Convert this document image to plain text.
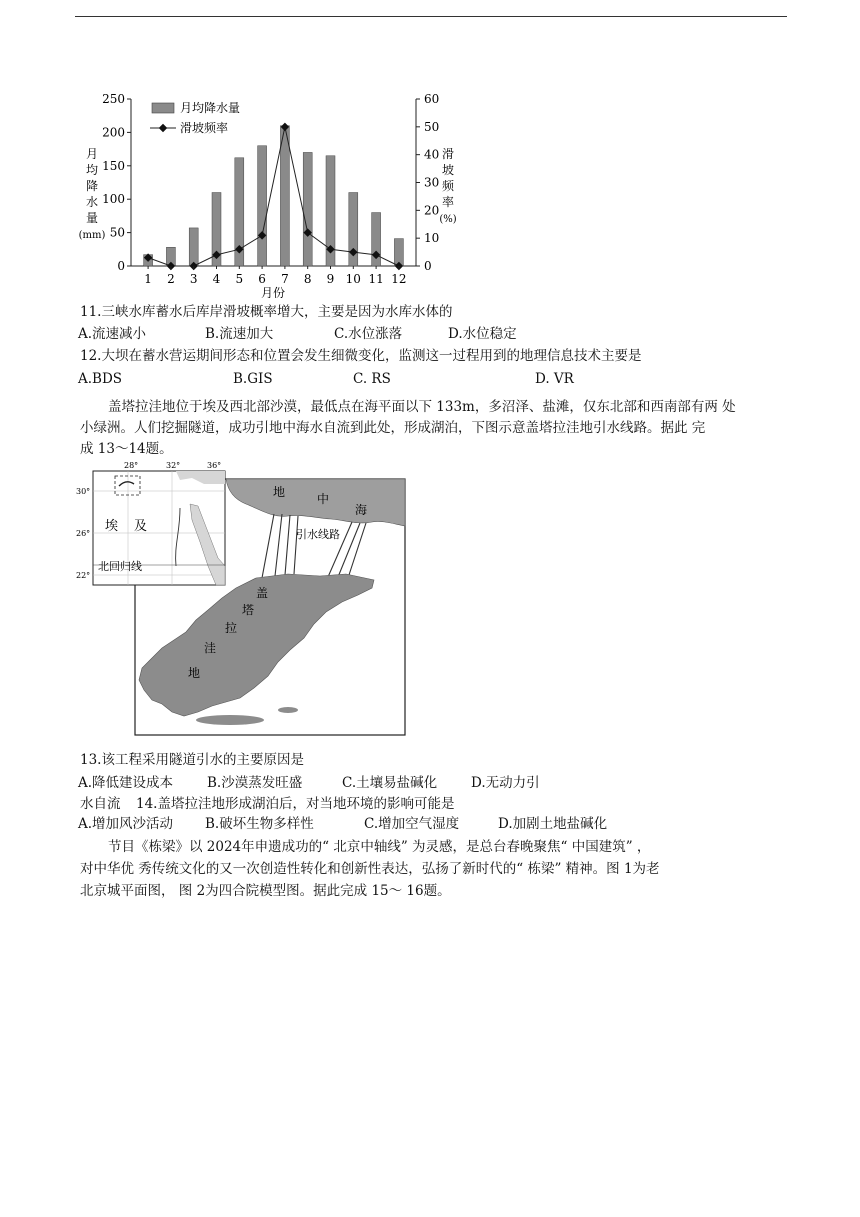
月均降水量
滑坡频率
0
50
100
150
200
250
0
10
20
30
40
50
60
1 2 3 4 5 6 7 8 9 10 11 12
月
均
降
水
量
(mm)
滑
坡
频
率
(%)
月份
11.三峡水库蓄水后库岸滑坡概率增大，主要是因为水库水体的
A.流速减小	B.流速加大	C.水位涨落	D.水位稳定
12.大坝在蓄水营运期间形态和位置会发生细微变化，监测这一过程用到的地理信息技术主要是
A.BDS	B.GIS	C. RS	D. VR
盖塔拉洼地位于埃及西北部沙漠，最低点在海平面以下 133m，多沼泽、盐滩，仅东北部和西南部有两 处
小绿洲。人们挖掘隧道，成功引地中海水自流到此处，形成湖泊，下图示意盖塔拉洼地引水线路。据此 完
成 13～14题。
地	中
海
引水线路
盖
塔
拉
洼
地
北回归线
埃 及
28°	32°	36°
30°
26°
22°
13.该工程采用隧道引水的主要原因是
A.降低建设成本	B.沙漠蒸发旺盛	C.土壤易盐碱化	D.无动力引
水自流 14.盖塔拉洼地形成湖泊后，对当地环境的影响可能是
A.增加风沙活动 B.破坏生物多样性	C.增加空气湿度	D.加剧土地盐碱化
节目《栋梁》以 2024年申遗成功的“ 北京中轴线” 为灵感，是总台春晚聚焦“ 中国建筑” ，
对中华优 秀传统文化的又一次创造性转化和创新性表达，弘扬了新时代的“ 栋梁” 精神。图 1为老
北京城平面图， 图 2为四合院模型图。据此完成 15～ 16题。
